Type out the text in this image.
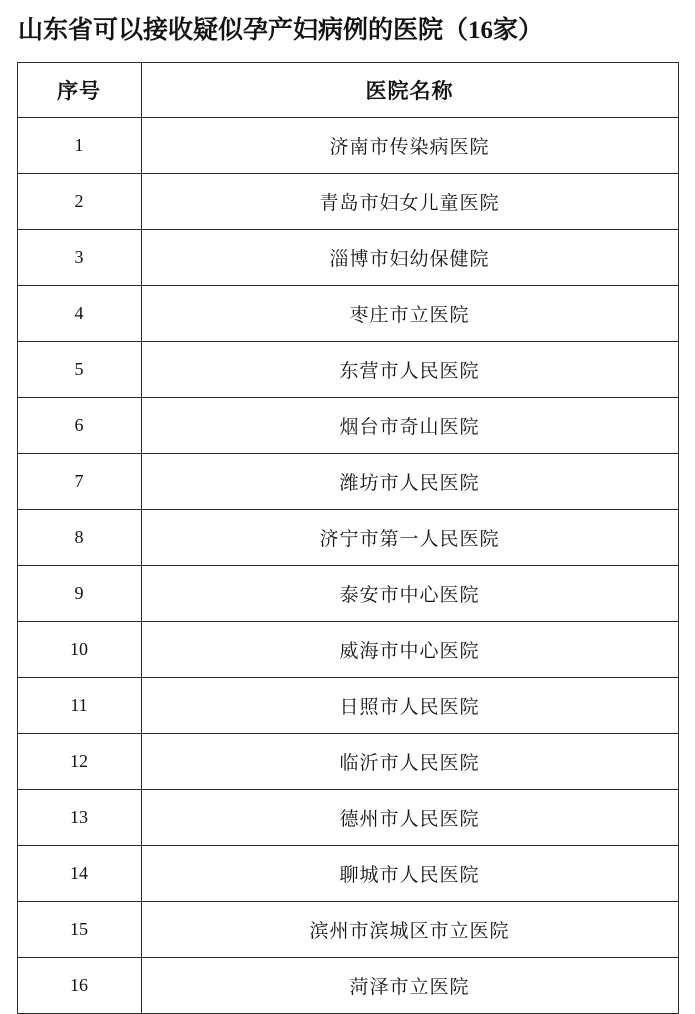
山东省可以接收疑似孕产妇病例的医院（16家）
序号	医院名称
1	济南市传染病医院
2	青岛市妇女儿童医院
3	淄博市妇幼保健院
4	枣庄市立医院
5	东营市人民医院
6	烟台市奇山医院
7	潍坊市人民医院
8	济宁市第一人民医院
9	泰安市中心医院
10	威海市中心医院
11	日照市人民医院
12	临沂市人民医院
13	德州市人民医院
14	聊城市人民医院
15	滨州市滨城区市立医院
16	菏泽市立医院
